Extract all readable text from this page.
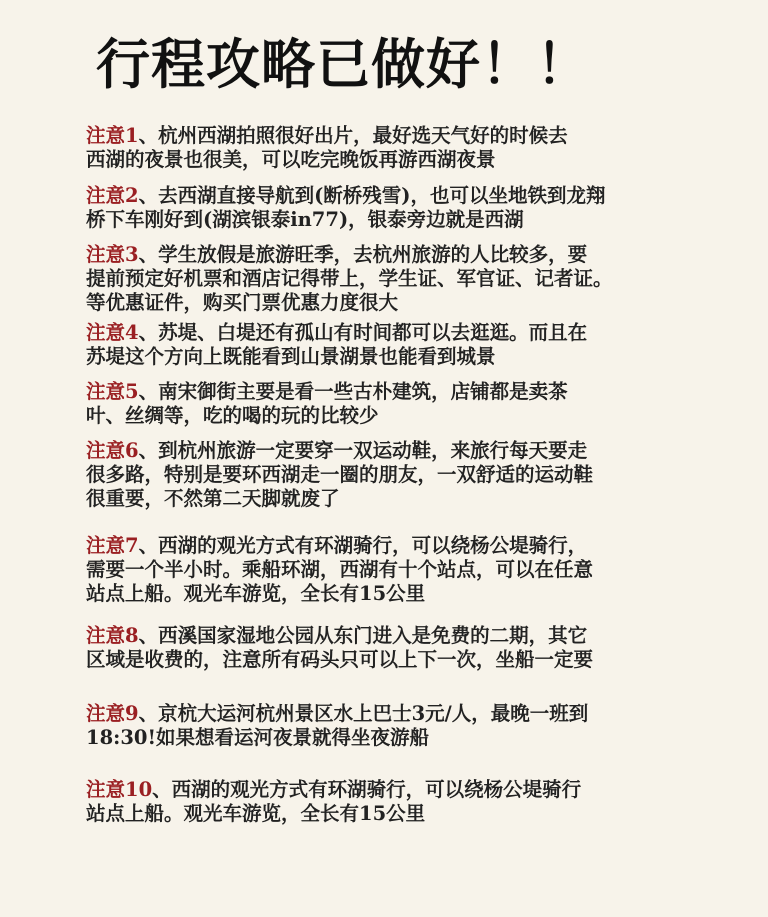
行程攻略已做好！！
注意1、杭州西湖拍照很好出片，最好选天气好的时候去
西湖的夜景也很美，可以吃完晚饭再游西湖夜景
注意2、去西湖直接导航到(断桥残雪)，也可以坐地铁到龙翔
桥下车刚好到(湖滨银泰in77)，银泰旁边就是西湖
注意3、学生放假是旅游旺季，去杭州旅游的人比较多，要
提前预定好机票和酒店记得带上，学生证、军官证、记者证。
等优惠证件，购买门票优惠力度很大
注意4、苏堤、白堤还有孤山有时间都可以去逛逛。而且在
苏堤这个方向上既能看到山景湖景也能看到城景
注意5、南宋御街主要是看一些古朴建筑，店铺都是卖茶
叶、丝绸等，吃的喝的玩的比较少
注意6、到杭州旅游一定要穿一双运动鞋，来旅行每天要走
很多路，特别是要环西湖走一圈的朋友，一双舒适的运动鞋
很重要，不然第二天脚就废了
注意7、西湖的观光方式有环湖骑行，可以绕杨公堤骑行，
需要一个半小时。乘船环湖，西湖有十个站点，可以在任意
站点上船。观光车游览，全长有15公里
注意8、西溪国家湿地公园从东门进入是免费的二期，其它
区域是收费的，注意所有码头只可以上下一次，坐船一定要
注意9、京杭大运河杭州景区水上巴士3元/人，最晚一班到
18:30!如果想看运河夜景就得坐夜游船
注意10、西湖的观光方式有环湖骑行，可以绕杨公堤骑行
站点上船。观光车游览，全长有15公里
